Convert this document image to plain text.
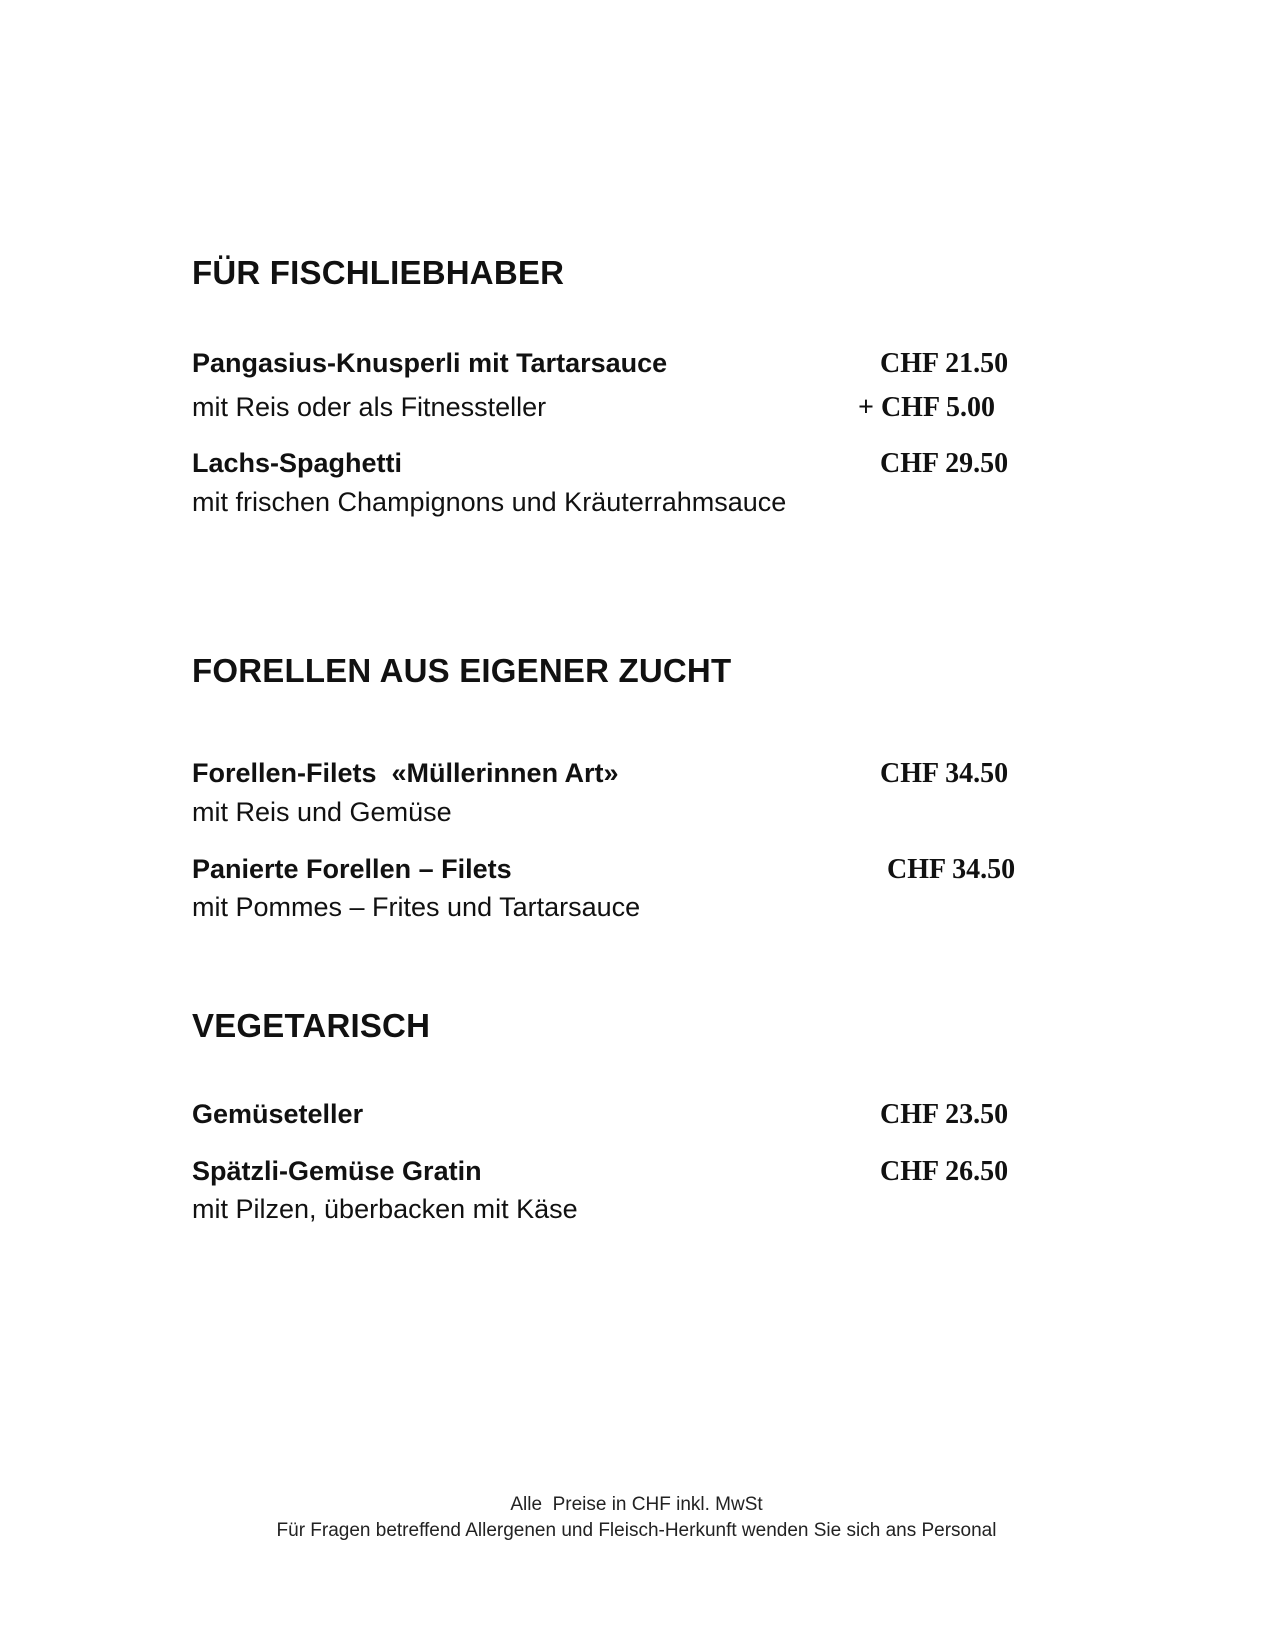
FÜR FISCHLIEBHABER
Pangasius-Knusperli mit Tartarsauce	CHF 21.50
mit Reis oder als Fitnessteller	+ CHF 5.00
Lachs-Spaghetti	CHF 29.50
mit frischen Champignons und Kräuterrahmsauce
FORELLEN AUS EIGENER ZUCHT
Forellen-Filets  «Müllerinnen Art»	CHF 34.50
mit Reis und Gemüse
Panierte Forellen – Filets	CHF 34.50
mit Pommes – Frites und Tartarsauce
VEGETARISCH
Gemüseteller	CHF 23.50
Spätzli-Gemüse Gratin	CHF 26.50
mit Pilzen, überbacken mit Käse
Alle  Preise in CHF inkl. MwSt
Für Fragen betreffend Allergenen und Fleisch-Herkunft wenden Sie sich ans Personal
